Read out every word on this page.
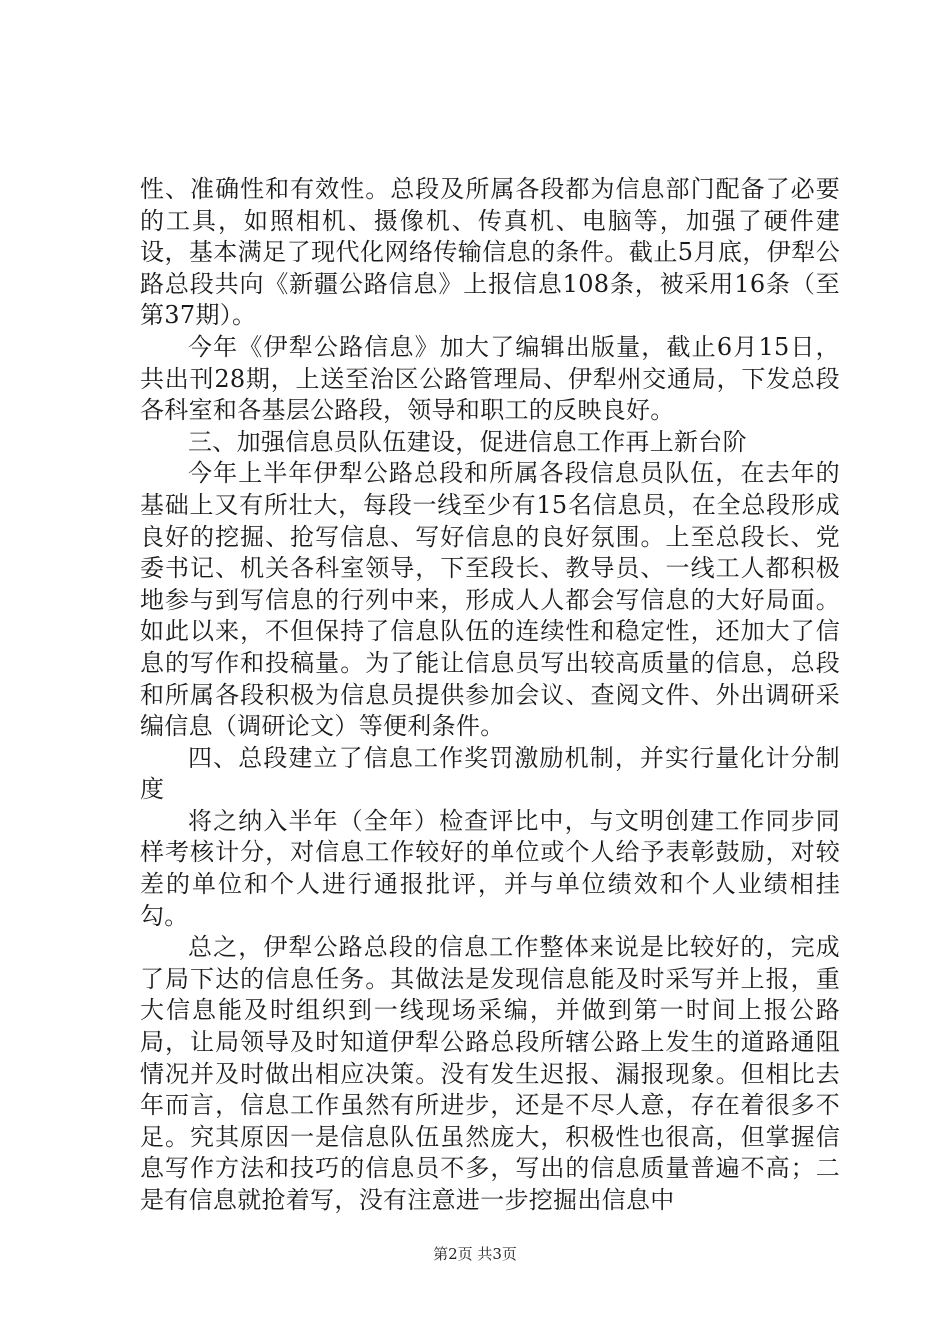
性、准确性和有效性。总段及所属各段都为信息部门配备了必要的工具，如照相机、摄像机、传真机、电脑等，加强了硬件建设，基本满足了现代化网络传输信息的条件。截止5月底，伊犁公路总段共向《新疆公路信息》上报信息108条，被采用16条（至第37期）。

今年《伊犁公路信息》加大了编辑出版量，截止6月15日，共出刊28期，上送至治区公路管理局、伊犁州交通局，下发总段各科室和各基层公路段，领导和职工的反映良好。

三、加强信息员队伍建设，促进信息工作再上新台阶

今年上半年伊犁公路总段和所属各段信息员队伍，在去年的基础上又有所壮大，每段一线至少有15名信息员，在全总段形成良好的挖掘、抢写信息、写好信息的良好氛围。上至总段长、党委书记、机关各科室领导，下至段长、教导员、一线工人都积极地参与到写信息的行列中来，形成人人都会写信息的大好局面。如此以来，不但保持了信息队伍的连续性和稳定性，还加大了信息的写作和投稿量。为了能让信息员写出较高质量的信息，总段和所属各段积极为信息员提供参加会议、查阅文件、外出调研采编信息（调研论文）等便利条件。

四、总段建立了信息工作奖罚激励机制，并实行量化计分制度

将之纳入半年（全年）检查评比中，与文明创建工作同步同样考核计分，对信息工作较好的单位或个人给予表彰鼓励，对较差的单位和个人进行通报批评，并与单位绩效和个人业绩相挂勾。

总之，伊犁公路总段的信息工作整体来说是比较好的，完成了局下达的信息任务。其做法是发现信息能及时采写并上报，重大信息能及时组织到一线现场采编，并做到第一时间上报公路局，让局领导及时知道伊犁公路总段所辖公路上发生的道路通阻情况并及时做出相应决策。没有发生迟报、漏报现象。但相比去年而言，信息工作虽然有所进步，还是不尽人意，存在着很多不足。究其原因一是信息队伍虽然庞大，积极性也很高，但掌握信息写作方法和技巧的信息员不多，写出的信息质量普遍不高；二是有信息就抢着写，没有注意进一步挖掘出信息中

第2页 共3页
